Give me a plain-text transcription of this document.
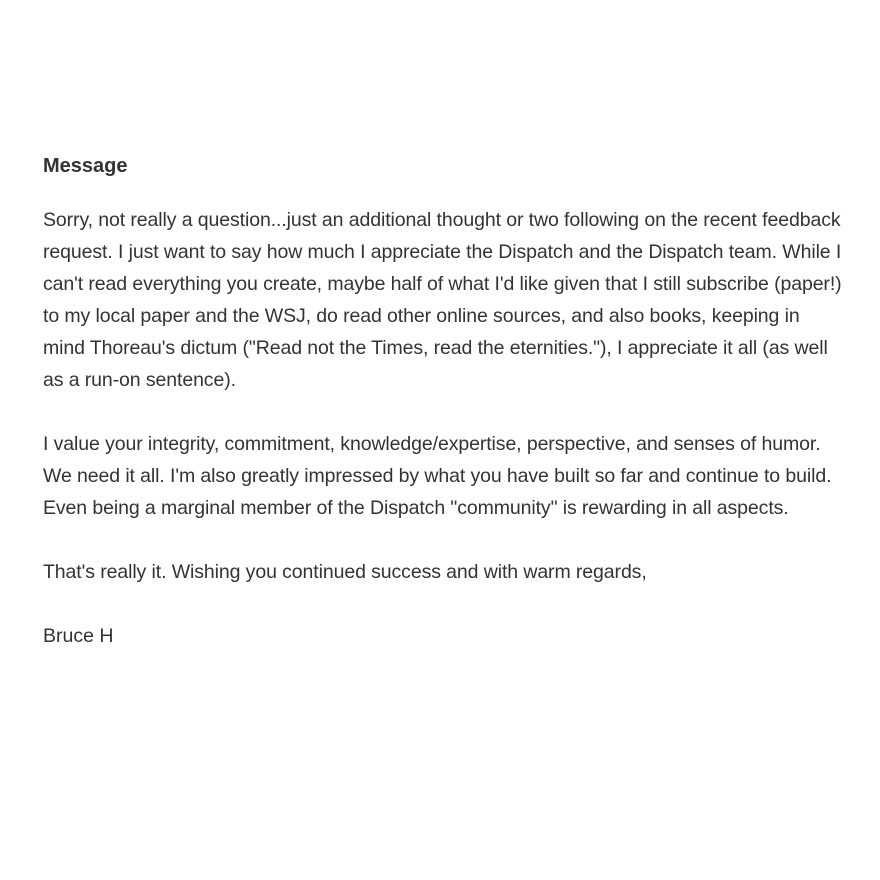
Message

Sorry, not really a question...just an additional thought or two following on the recent feedback request. I just want to say how much I appreciate the Dispatch and the Dispatch team. While I can't read everything you create, maybe half of what I'd like given that I still subscribe (paper!) to my local paper and the WSJ, do read other online sources, and also books, keeping in mind Thoreau's dictum ("Read not the Times, read the eternities."), I appreciate it all (as well as a run-on sentence).

I value your integrity, commitment, knowledge/expertise, perspective, and senses of humor. We need it all. I'm also greatly impressed by what you have built so far and continue to build. Even being a marginal member of the Dispatch "community" is rewarding in all aspects.

That's really it. Wishing you continued success and with warm regards,

Bruce H
